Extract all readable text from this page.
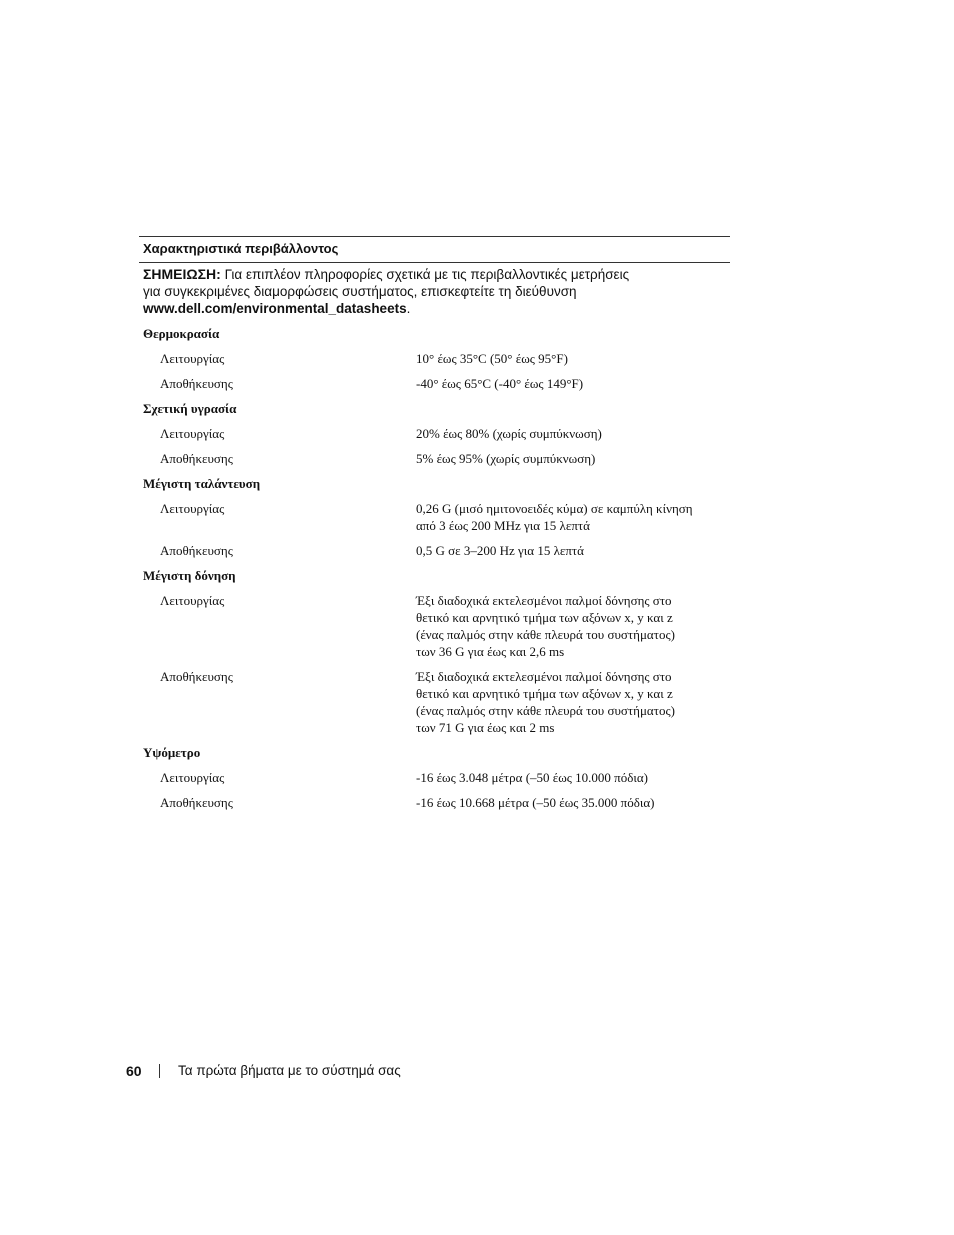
Χαρακτηριστικά περιβάλλοντος
ΣΗΜΕΙΩΣΗ: Για επιπλέον πληροφορίες σχετικά με τις περιβαλλοντικές μετρήσεις
για συγκεκριμένες διαμορφώσεις συστήματος, επισκεφτείτε τη διεύθυνση
www.dell.com/environmental_datasheets.
Θερμοκρασία
Λειτουργίας	10° έως 35°C (50° έως 95°F)
Αποθήκευσης	-40° έως 65°C (-40° έως 149°F)
Σχετική υγρασία
Λειτουργίας	20% έως 80% (χωρίς συμπύκνωση)
Αποθήκευσης	5% έως 95% (χωρίς συμπύκνωση)
Μέγιστη ταλάντευση
Λειτουργίας	0,26 G (μισό ημιτονοειδές κύμα) σε καμπύλη κίνηση
από 3 έως 200 MHz για 15 λεπτά
Αποθήκευσης	0,5 G σε 3–200 Hz για 15 λεπτά
Μέγιστη δόνηση
Λειτουργίας	Έξι διαδοχικά εκτελεσμένοι παλμοί δόνησης στο
θετικό και αρνητικό τμήμα των αξόνων x, y και z
(ένας παλμός στην κάθε πλευρά του συστήματος)
των 36 G για έως και 2,6 ms
Αποθήκευσης	Έξι διαδοχικά εκτελεσμένοι παλμοί δόνησης στο
θετικό και αρνητικό τμήμα των αξόνων x, y και z
(ένας παλμός στην κάθε πλευρά του συστήματος)
των 71 G για έως και 2 ms
Υψόμετρο
Λειτουργίας	-16 έως 3.048 μέτρα (–50 έως 10.000 πόδια)
Αποθήκευσης	-16 έως 10.668 μέτρα (–50 έως 35.000 πόδια)
60	Τα πρώτα βήματα με το σύστημά σας
